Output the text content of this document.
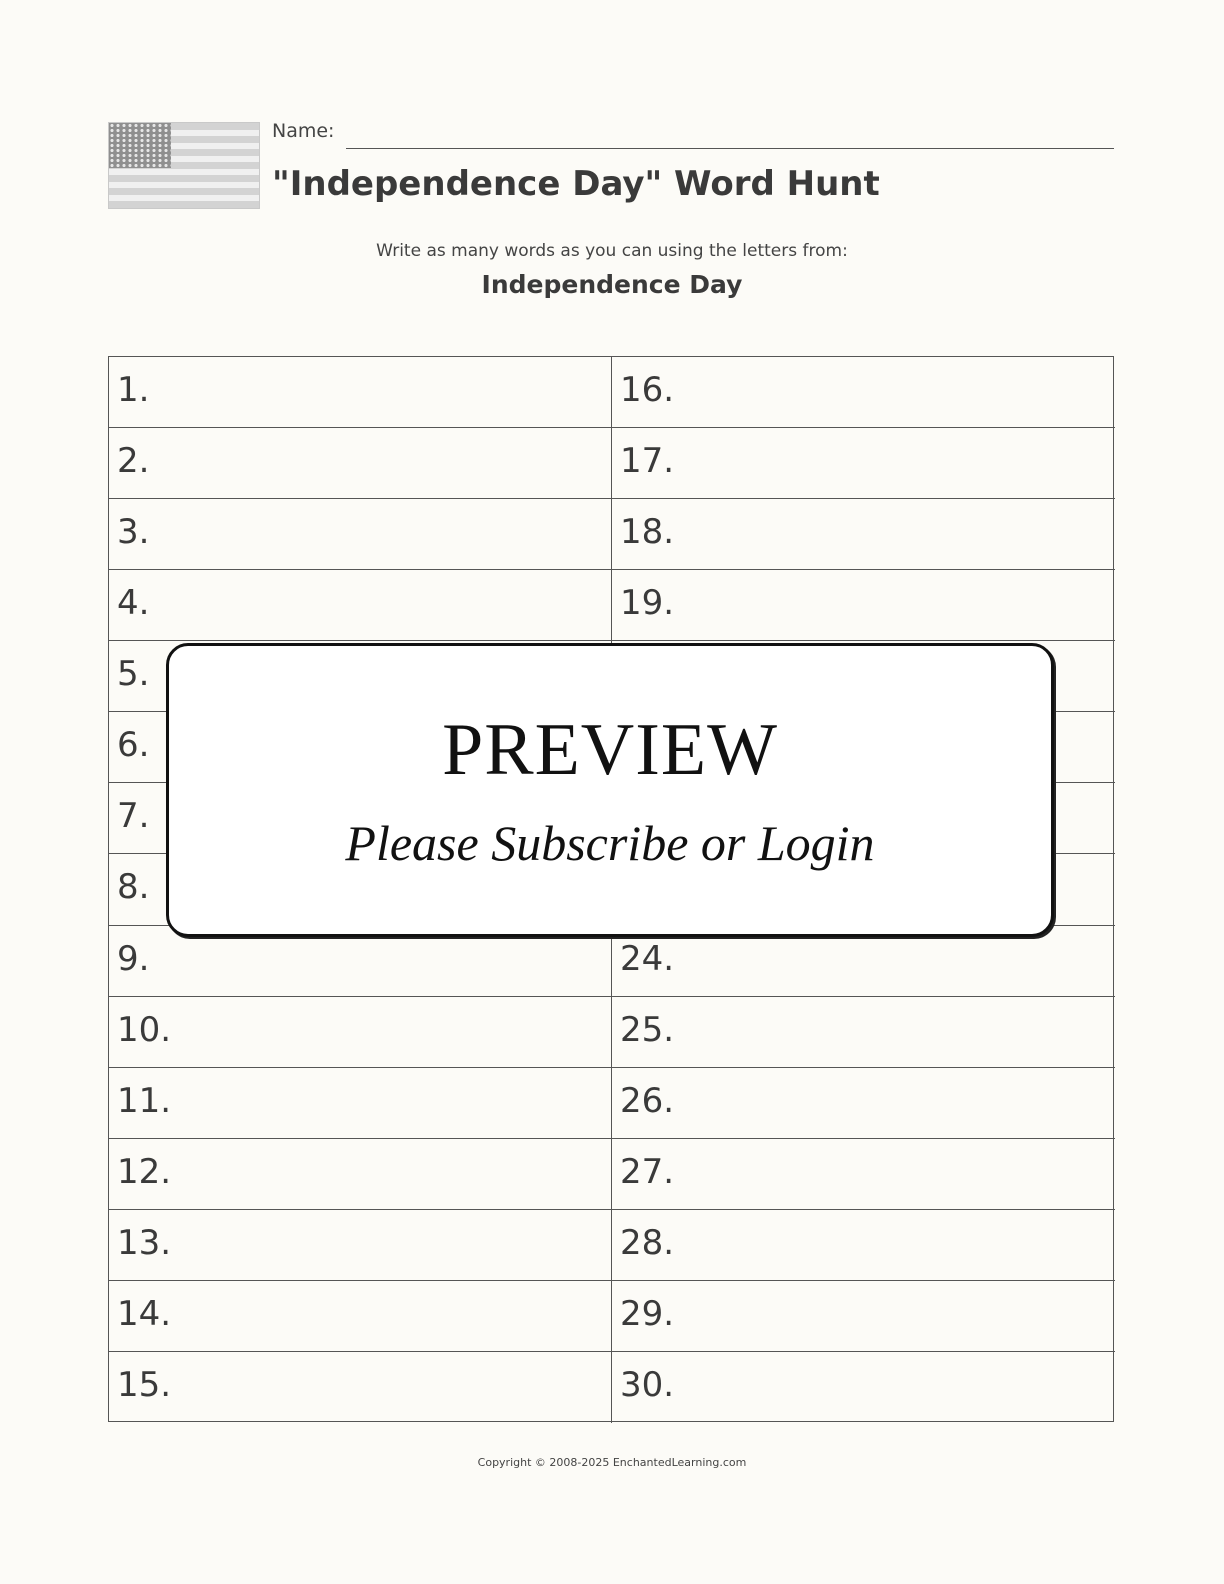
Name:
"Independence Day" Word Hunt
Write as many words as you can using the letters from:
Independence Day
1.
2.
3.
4.
5.
6.
7.
8.
9.
10.
11.
12.
13.
14.
15.
16.
17.
18.
19.
24.
25.
26.
27.
28.
29.
30.
PREVIEW
Please Subscribe or Login
Copyright © 2008-2025 EnchantedLearning.com
